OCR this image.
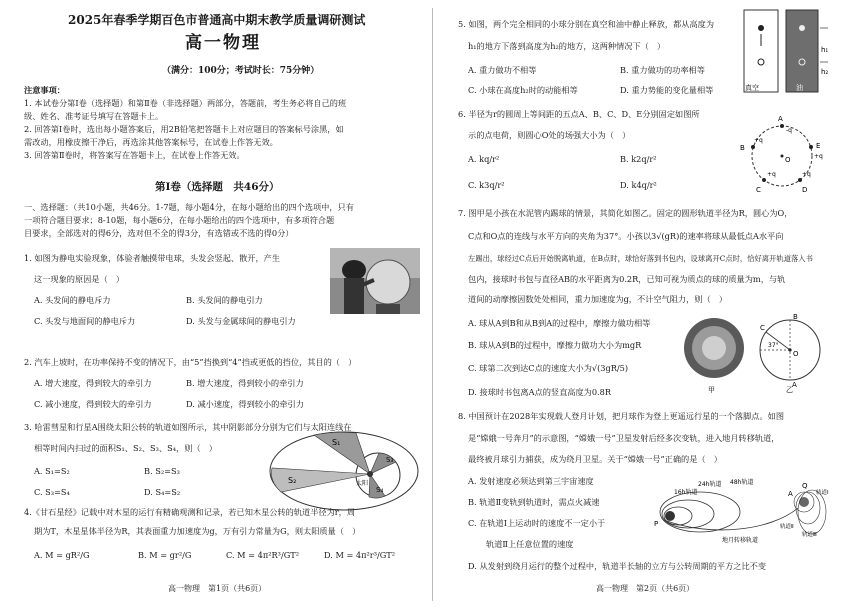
2025年春季学期百色市普通高中期末教学质量调研测试
高一物理
（满分：100分；考试时长：75分钟）
注意事项：
1. 本试卷分第Ⅰ卷（选择题）和第Ⅱ卷（非选择题）两部分，答题前，考生务必将自己的班
级、姓名、准考证号填写在答题卡上。
2. 回答第Ⅰ卷时，选出每小题答案后，用2B铅笔把答题卡上对应题目的答案标号涂黑，如
需改动，用橡皮擦干净后，再选涂其他答案标号，在试卷上作答无效。
3. 回答第Ⅱ卷时，将答案写在答题卡上，在试卷上作答无效。
第Ⅰ卷（选择题　共46分）
一、选择题：（共10小题，共46分。1-7题，每小题4分，在每小题给出的四个选项中，只有
一项符合题目要求；8-10题，每小题6分，在每小题给出的四个选项中，有多项符合题
目要求，全部选对的得6分，选对但不全的得3分，有选错或不选的得0分）
1. 如图为静电实验现象，体验者触摸带电球，头发会竖起、散开，产生
这一现象的原因是（　）
A. 头发间的静电斥力	B. 头发间的静电引力
C. 头发与地面间的静电斥力	D. 头发与金属球间的静电引力
2. 汽车上坡时，在功率保持不变的情况下，由“5”挡换到“4”挡或更低的挡位，其目的（　）
A. 增大速度，得到较大的牵引力	B. 增大速度，得到较小的牵引力
C. 减小速度，得到较大的牵引力	D. 减小速度，得到较小的牵引力
3. 哈雷彗星和行星A围绕太阳公转的轨道如图所示，其中阴影部分分别为它们与太阳连线在
相等时间内扫过的面积S₁、S₂、S₃、S₄，则（　）
A. S₁=S₂	B. S₂=S₃
C. S₃=S₄	D. S₄=S₂
S₁
S₂
S₃
S₄
太阳
4.《甘石星经》记载中对木星的运行有精确观测和记录，若已知木星公转的轨道半径为r，周
期为T，木星星体半径为R，其表面重力加速度为g，万有引力常量为G，则太阳质量（　）
A. M = gR²/G	B. M = gr²/G	C. M = 4π²R³/GT²	D. M = 4π²r³/GT²
高一物理　第1页（共6页）
5. 如图，两个完全相同的小球分别在真空和油中静止释放，都从高度为
h₁的地方下落到高度为h₂的地方，这两种情况下（　）
A. 重力做功不相等	B. 重力做功的功率相等
C. 小球在高度h₂时的动能相等	D. 重力势能的变化量相等	真空	油
h₁
h₂
6. 半径为r的圆周上等间距的五点A、B、C、D、E分别固定如图所
示的点电荷，则圆心O处的场强大小为（　）
A. kq/r²	B. k2q/r²
C. k3q/r²	D. k4q/r²
A
B
C	D
E
O
-q
+q
+q	+q
+q
7. 图甲是小孩在水泥管内踢球的情景，其简化如图乙。固定的圆形轨道半径为R，圆心为O，
C点和O点的连线与水平方向的夹角为37°。小孩以3√(gR)的速率将球从最低点A水平向
左踢出，球经过C点后开始脱离轨道，在B点时，球恰好落到书包内，设球离开C点时，恰好离开轨道落入书
包内，接球时书包与直径AB的水平距离为0.2R，已知可视为质点的球的质量为m，与轨
道间的动摩擦因数处处相同，重力加速度为g，不计空气阻力，则（　）
A. 球从A到B和从B到A的过程中，摩擦力做功相等
B. 球从A到B的过程中，摩擦力做功大小为mgR
C. 球第二次到达C点的速度大小为√(3gR/5)
D. 接球时书包离A点的竖直高度为0.8R	甲	乙
C
O
37°
A
B
8. 中国预计在2028年实现载人登月计划，把月球作为登上更遥远行星的一个落脚点。如图
是“嫦娥一号奔月”的示意图，“嫦娥一号”卫星发射后经多次变轨，进入地月转移轨道，
最终被月球引力捕获，成为绕月卫星。关于“嫦娥一号”正确的是（　）
A. 发射速度必须达到第三宇宙速度
B. 轨道Ⅱ变轨到轨道时，需点火减速
C. 在轨道Ⅰ上运动时的速度不一定小于
轨道Ⅱ上任意位置的速度
D. 从发射到绕月运行的整个过程中，轨道半长轴的立方与公转周期的平方之比不变
16h轨道
24h轨道 48h轨道
P
A
Q
轨道Ⅰ
轨道Ⅱ
轨道Ⅲ
地月转移轨道
高一物理　第2页（共6页）
